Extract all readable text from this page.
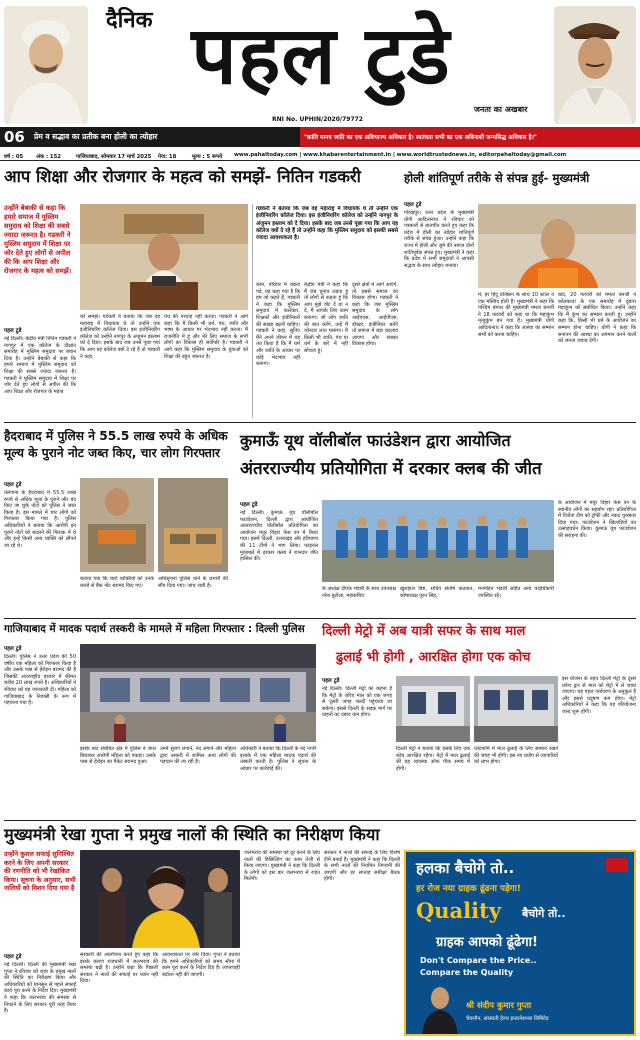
दैनिक पहल टुडे
जनता का अखबार
RNI No. UPHIN/2020/79772
06 प्रेम व सद्भाव का प्रतीक बना होली का त्योहार	"क्रांति मानव जाति का एक अविभाज्य अधिकार है। स्वतंत्रता सभी का एक अविनाशी जन्मसिद्ध अधिकार है।"
वर्ष : 05 अंक : 152	गाजियाबाद, सोमवार 17 मार्च 2025 पेज: 18	मूल्य : 5 रूपये www.pahaltoday.com | www.khabarentertainment.in | www.worldtrustednews.in, editorpahaltoday@gmail.com
आप शिक्षा और रोजगार के महत्व को समझें- नितिन गडकरी
उन्होंने बेबाकी से कहा कि हमारे समाज में मुस्लिम समुदाय को शिक्षा की सबसे ज्यादा जरूरत है। गडकरी ने मुस्लिम समुदाय में शिक्षा पर जोर देते हुए लोगों से अपील की कि आप शिक्षा और रोजगार के महत्व को समझें।
पहल टुडे
नई दिल्ली। केंद्रीय मंत्री नितिन गडकरी ने नागपुर में एक कॉलेज के दीक्षांत समारोह में मुस्लिम समुदाय पर बयान दिया है। उन्होंने बेबाकी से कहा कि हमारे समाज में मुस्लिम समुदाय को शिक्षा की सबसे ज्यादा जरूरत है। गडकरी ने मुस्लिम समुदाय में शिक्षा पर जोर देते हुए लोगों से अपील की कि आप शिक्षा और रोजगार के महत्व
को समझें। गडकरी ने बताया कि जब वह महाराष्ट्र में विधायक थे तो उन्होंने एक इंजीनियरिंग कॉलेज दिया। इस इंजीनियरिंग कॉलेज को उन्होंने नागपुर के अंजुमन इस्लाम को दे दिया। इसके बाद जब उनसे पूछा गया कि आप यह कॉलेज क्यों दे रहे हैं तो गडकरी ने कहा,
पंथ की परवाह नहीं करता। गडकरी ने आगे कहा कि मैं किसी भी धर्म, पंथ, जाति और भाषा के आधार पर भेदभाव नहीं करता। मैं राजनीति में हूं और मेरे लिए समाज के सभी लोगों का विकास ही सर्वोपरि है। गडकरी ने आगे कहा कि मुस्लिम समुदाय के युवाओं को शिक्षा की बहुत जरूरत है।
गडकरी ने बताया कि जब वह महाराष्ट्र में विधायक थे तो उन्होंने एक इंजीनियरिंग कॉलेज दिया। इस इंजीनियरिंग कॉलेज को उन्होंने नागपुर के अंजुमन इस्लाम को दे दिया। इसके बाद जब उनसे पूछा गया कि आप यह कॉलेज क्यों दे रहे हैं तो उन्होंने कहा कि मुस्लिम समुदाय को इसकी सबसे ज्यादा आवश्यकता है।
काम, परिवार में रखता पड़े, यह कहा गया है कि हम जो कहते हैं, गडकरी ने कहा कि मुस्लिम समुदाय में कलेक्टर, शिक्षकों और इंजीनियरों की संख्या बढ़नी चाहिए। गडकरी ने कहा, सुनिए मैंने अपने जीवन में यह तय किया है कि मैं धर्म और जाति के आधार पर कोई भेदभाव नहीं करूंगा।
केंद्रीय मंत्री ने कहा कि मैं जब चुनाव लड़ता हूं तो लोगों से कहता हूं कि आप मुझे वोट दें या न दें, मैं आपके लिए काम करूंगा। जो लोग जाति की बात करेंगे, उन्हें मैं जोरदार लात मारूंगा। मैं किसी भी जाति, पंथ या धर्म के बारे में नहीं सोचता हूं।
दूसरे क्षेत्रों में आगे आएंगे, तो इससे समाज का विकास होगा। गडकरी ने कहा कि जब मुस्लिम समुदाय के लोग आईएएस, आईपीएस, डॉक्टर, इंजीनियर बनेंगे तो समाज में बड़ा बदलाव आएगा और सबका विकास होगा।
होली शांतिपूर्ण तरीके से संपन्न हुई- मुख्यमंत्री
पहल टुडे
गोरखपुर। उत्तर प्रदेश के मुख्यमंत्री योगी आदित्यनाथ ने रविवार को पत्रकारों से बातचीत करते हुए कहा कि प्रदेश में होली का त्योहार शांतिपूर्ण तरीके से संपन्न हुआ। उन्होंने कहा कि राज्य में होली और जुमे की नमाज दोनों शांतिपूर्वक संपन्न हुए। मुख्यमंत्री ने कहा कि प्रदेश में सभी समुदायों ने आपसी सद्भाव के साथ त्योहार मनाया।
में, हर हिंदू प्रतिष्ठान के साथ 10 स्टाल व एक मस्जिद होती है। मुख्यमंत्री ने कहा कि पश्चिम बंगाल की मुख्यमंत्री ममता बनर्जी ने 18 फरवरी को कहा था कि महाकुंभ मृत्युकुंभ बन गया है। मुख्यमंत्री योगी आदित्यनाथ ने कहा कि आस्था का सम्मान सभी को करना चाहिए।
बाद, 20 फरवरी को ममता बनर्जी ने कोलकाता के एक समारोह में दुबारा महाकुंभ को संबोधित किया। उन्होंने कहा कि मैं कुंभ का सम्मान करती हूं। उन्होंने कहा कि, किसी भी धर्म के आयोजन का सम्मान होना चाहिए। योगी ने कहा कि सनातन की आस्था का अपमान करने वालों को जनता जवाब देगी।
हैदराबाद में पुलिस ने 55.5 लाख रुपये के अधिक मूल्य के पुराने नोट जब्त किए, चार लोग गिरफ्तार
पहल टुडे
तेलंगाना के हैदराबाद में 55.5 लाख रुपये से अधिक मूल्य के पुराने और बंद किए जा चुके नोटों को पुलिस ने जब्त किया है। इस मामले में चार लोगों को गिरफ्तार किया गया है। पुलिस अधिकारियों ने बताया कि आरोपी इन पुराने नोटों को बदलने की फिराक में थे और इन्हें किसी अन्य व्यक्ति को सौंपने जा रहे थे।
बताया गया कि चारों व्यक्तियों को उनके कब्जे से बैंक नोट बरामद किए गए।
अधिसूचना पुलिस थाने के प्रभारी की सौंप दिया गया। जांच जारी है।
कुमाऊँ यूथ वॉलीबॉल फाउंडेशन द्वारा आयोजित
अंतरराज्यीय प्रतियोगिता में दरकार क्लब की जीत
पहल टुडे
नई दिल्ली। कुमाऊं यूथ वॉलीबॉल फाउंडेशन, दिल्ली द्वारा आयोजित अंतरराज्यीय वॉलीबॉल प्रतियोगिता का आयोजन मयूर विहार फेस वन में किया गया। इसमें दिल्ली, उत्तराखंड और हरियाणा की 11 टीमों ने भाग लिया। फाइनल मुकाबले में दरकार क्लब ने शानदार जीत हासिल की।
के अध्यक्ष दीपक भंडारी के साथ उपाध्यक्ष नरेश बुटोला, महासचिव
खुशहाल बिष्ट, सचिव संतोष कठायत, कोषाध्यक्ष पूरन सिंह,
मनमोहन भंडारी सहित अन्य पदाधिकारी उपस्थित रहे।
के आयोजन में मयूर विहार फेस वन के स्थानीय लोगों का सहयोग रहा। प्रतियोगिता में विजेता टीम को ट्रॉफी और नकद पुरस्कार दिया गया। फाउंडेशन ने खिलाड़ियों का उत्साहवर्धन किया। कुमाऊं यूथ फाउंडेशन की सराहना की।
गाजियाबाद में मादक पदार्थ तस्करी के मामले में महिला गिरफ्तार : दिल्ली पुलिस
पहल टुडे
दिल्ली। पुलिस ने उत्तर प्रदेश की 50 वर्षीय एक महिला को गिरफ्तार किया है और उसके पास से हेरोइन बरामद की है जिसकी अंतरराष्ट्रीय बाजार में कीमत करीब 20 लाख रुपये है। अधिकारियों ने रविवार को यह जानकारी दी। महिला को गाजियाबाद के निवासी के रूप में पहचाना गया है।
इसके बाद संबंधित क्षेत्र में पुलिस ने जाल बिछाकर आरोपी महिला को पकड़ा। उसके पास से हेरोइन का पैकेट बरामद हुआ।
उनमें सुराग लगाने, नंद लगाने और महिला द्वारा तस्करी में शामिल अन्य लोगों की पहचान की जा रही है।
अधिकारी ने बताया कि दिल्ली के नंद नगरी इलाके में एक महिला मादक पदार्थ की तस्करी करती है। पुलिस ने सूचना के आधार पर कार्रवाई की।
दिल्ली मेट्रो में अब यात्री सफर के साथ माल
ढुलाई भी होगी , आरक्षित होगा एक कोच
पहल टुडे
नई दिल्ली। दिल्ली मेट्रो का कहना है कि मेट्रो के जरिए माल को एक जगह से दूसरी जगह जल्दी पहुंचाया जा सकेगा। इससे दिल्ली के सड़क मार्ग पर वाहनों का दबाव कम होगा।
दिल्ली मेट्रो ने बताया कि इसके लिए एक कोच आरक्षित रहेगा। मेट्रो में माल ढुलाई की यह व्यवस्था ऑफ पीक समय में होगी।
प्लेटफॉर्म में माल ढुलाई के लिए सामान रखने की जगह भी होगी। इस नए प्रयोग से व्यापारियों को लाभ होगा।
इस योजना के तहत दिल्ली मेट्रो के दूसरे प्रवेश द्वार से माल को मेट्रो में ले जाया जाएगा। यह पहल पर्यावरण के अनुकूल है और इससे प्रदूषण कम होगा। मेट्रो अधिकारियों ने कहा कि यह परियोजना जल्द शुरू होगी।
मुख्यमंत्री रेखा गुप्ता ने प्रमुख नालों की स्थिति का निरीक्षण किया
उन्होंने कुशल सफाई सुनिश्चित करने के लिए अपनी सरकार की रणनीति को भी रेखांकित किया। सूचना के अनुसार, सभी नालियों को मिशन दिया गया है
पहल टुडे
नई दिल्ली। दिल्ली की मुख्यमंत्री रेखा गुप्ता ने रविवार को शहर के प्रमुख नालों की स्थिति का निरीक्षण किया और अधिकारियों को मानसून से पहले सफाई कार्य पूरा करने के निर्देश दिए। मुख्यमंत्री ने कहा कि जलभराव की समस्या से निपटने के लिए सरकार पूरी तरह तैयार है।
सरकारी की आलोचना करते हुए कहा कि इसके कारण राजधानी में जलभराव की समस्या बढ़ी है। उन्होंने कहा कि पिछली सरकार ने नालों की सफाई पर ध्यान नहीं दिया।
आवश्यकता पर जोर दिया। गुप्ता ने बताया कि हमने अधिकारियों को समय सीमा में काम पूरा करने के निर्देश दिए हैं। लापरवाही बर्दाश्त नहीं की जाएगी।
जलभराव की समस्या को दूर करने के लिए नालों की डिसिल्टिंग का काम तेजी से किया जाएगा। मुख्यमंत्री ने कहा कि दिल्ली के लोगों को इस बार जलभराव से राहत मिलेगी।
सरकार ने नालों की सफाई के लिए विशेष टीमें बनाई हैं। मुख्यमंत्री ने कहा कि दिल्ली के सभी नालों की नियमित निगरानी की जाएगी और हर सप्ताह समीक्षा बैठक होगी।
हलका बैचोगे तो..
हर रोज नया ग्राहक ढूंढना पड़ेगा!
Quality बैचोगे तो..
ग्राहक आपको ढूंढेगा!
Don't Compare the Price..
Compare the Quality
श्री संदीप कुमार गुप्ता
चेयरमैन, सरस्वती हेल्थ इन्टरनेशनल लिमिटेड
